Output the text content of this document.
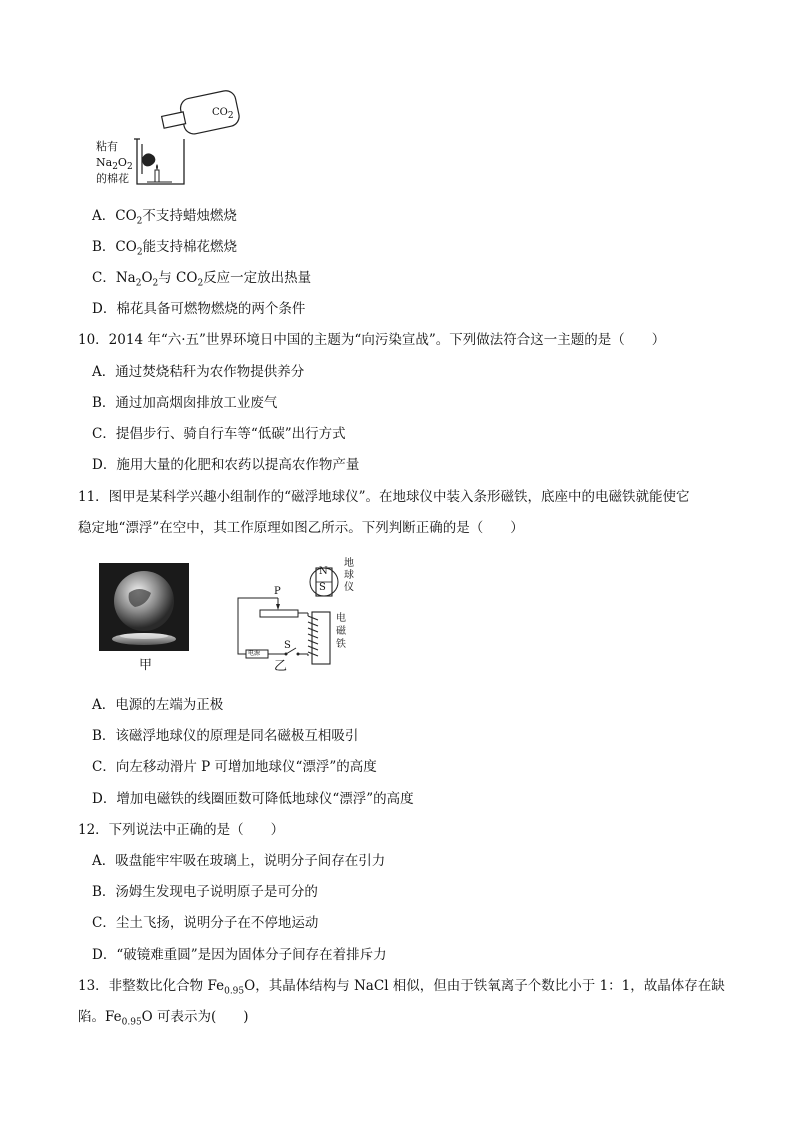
$CO_2$
粘有
$Na_2O_2$
的棉花
A．$CO_2$不支持蜡烛燃烧
B．$CO_2$能支持棉花燃烧
C．$Na_2O_2$与 $CO_2$反应一定放出热量
D．棉花具备可燃物燃烧的两个条件
10．2014 年“六·五”世界环境日中国的主题为“向污染宣战”。下列做法符合这一主题的是（　　）
A．通过焚烧秸秆为农作物提供养分
B．通过加高烟囱排放工业废气
C．提倡步行、骑自行车等“低碳”出行方式
D．施用大量的化肥和农药以提高农作物产量
11．图甲是某科学兴趣小组制作的“磁浮地球仪”。在地球仪中装入条形磁铁，底座中的电磁铁就能使它
稳定地“漂浮”在空中，其工作原理如图乙所示。下列判断正确的是（　　）
甲
N
S
地
球
仪
电
磁
铁
P
S
电源
乙
A．电源的左端为正极
B．该磁浮地球仪的原理是同名磁极互相吸引
C．向左移动滑片 P 可增加地球仪“漂浮”的高度
D．增加电磁铁的线圈匝数可降低地球仪“漂浮”的高度
12．下列说法中正确的是（　　）
A．吸盘能牢牢吸在玻璃上，说明分子间存在引力
B．汤姆生发现电子说明原子是可分的
C．尘土飞扬，说明分子在不停地运动
D．“破镜难重圆”是因为固体分子间存在着排斥力
13．非整数比化合物 $Fe_{0.95}O$，其晶体结构与 NaCl 相似，但由于铁氧离子个数比小于 1：1，故晶体存在缺
陷。$Fe_{0.95}O$ 可表示为(　　)
